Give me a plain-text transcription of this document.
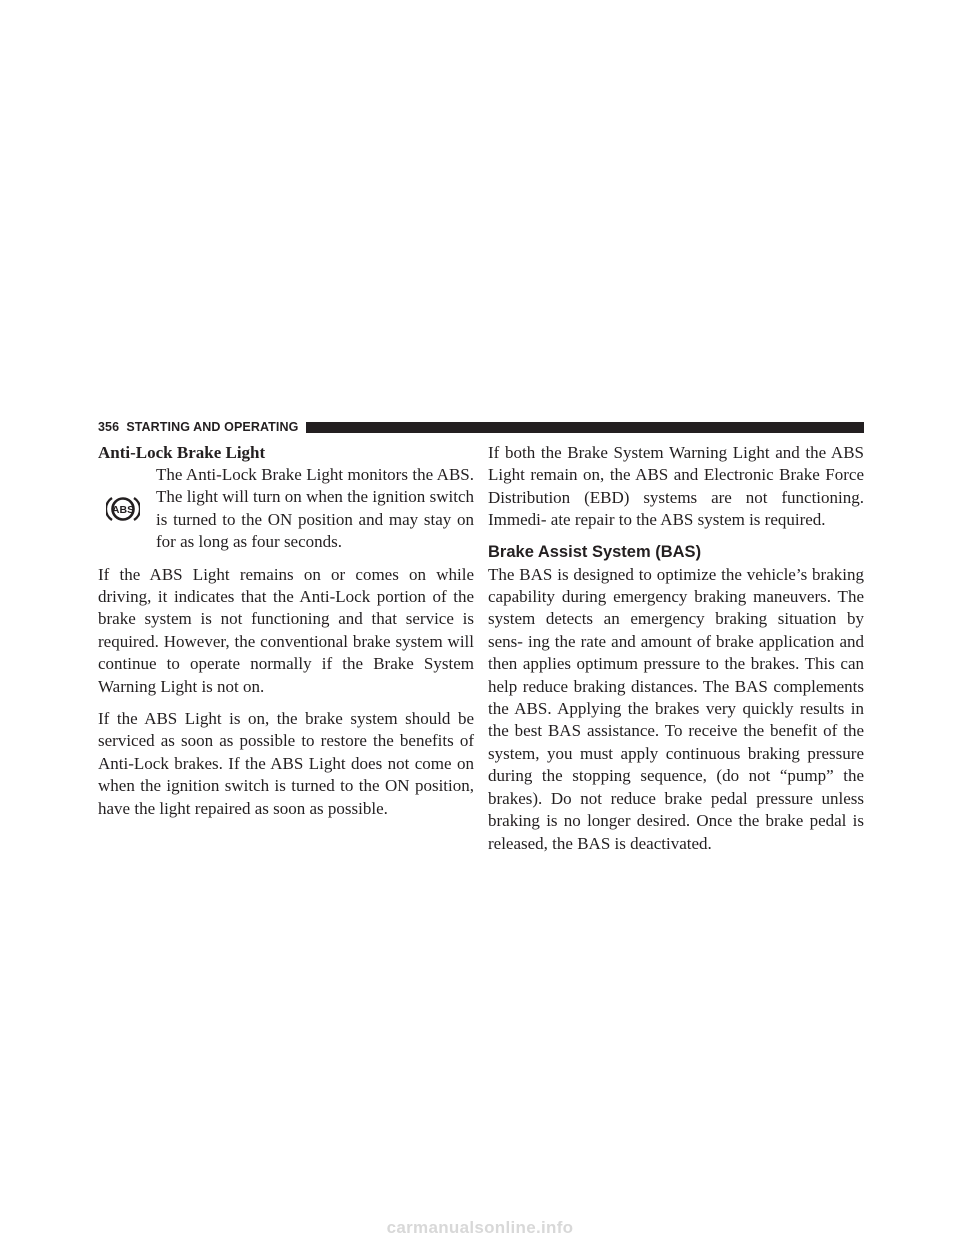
356 STARTING AND OPERATING
Anti-Lock Brake Light
ABS

The Anti-Lock Brake Light monitors the ABS. The light will turn on when the ignition switch is turned to the ON position and may stay on for as long as four seconds.

If the ABS Light remains on or comes on while driving, it indicates that the Anti-Lock portion of the brake system is not functioning and that service is required. However, the conventional brake system will continue to operate normally if the Brake System Warning Light is not on.

If the ABS Light is on, the brake system should be serviced as soon as possible to restore the benefits of Anti-Lock brakes. If the ABS Light does not come on when the ignition switch is turned to the ON position, have the light repaired as soon as possible.

If both the Brake System Warning Light and the ABS Light remain on, the ABS and Electronic Brake Force Distribution (EBD) systems are not functioning. Immedi- ate repair to the ABS system is required.

Brake Assist System (BAS)

The BAS is designed to optimize the vehicle’s braking capability during emergency braking maneuvers. The system detects an emergency braking situation by sens- ing the rate and amount of brake application and then applies optimum pressure to the brakes. This can help reduce braking distances. The BAS complements the ABS. Applying the brakes very quickly results in the best BAS assistance. To receive the benefit of the system, you must apply continuous braking pressure during the stopping sequence, (do not “pump” the brakes). Do not reduce brake pedal pressure unless braking is no longer desired. Once the brake pedal is released, the BAS is deactivated.

carmanualsonline.info
